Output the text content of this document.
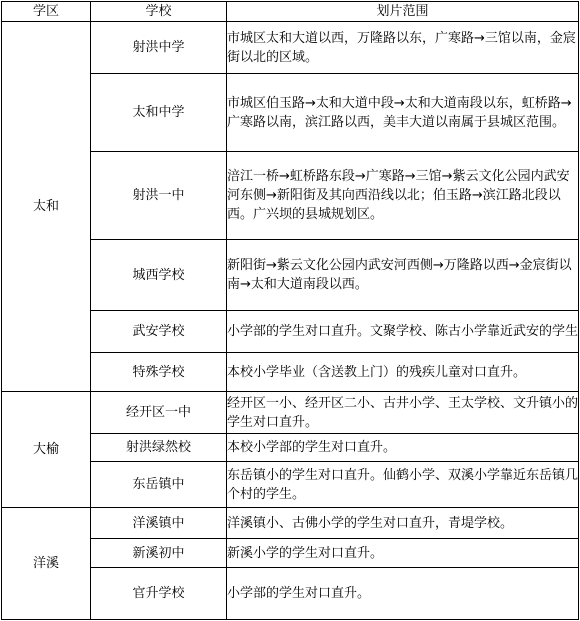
学区	学校	划片范围
太和	射洪中学	市城区太和大道以西，万隆路以东，广寒路→三馆以南，金宸街以北的区域。
	太和中学	市城区伯玉路→太和大道中段→太和大道南段以东，虹桥路→广寒路以南，滨江路以西，美丰大道以南属于县城区范围。
	射洪一中	涪江一桥→虹桥路东段→广寒路→三馆→紫云文化公园内武安河东侧→新阳街及其向西沿线以北；伯玉路→滨江路北段以西。广兴坝的县城规划区。
	城西学校	新阳街→紫云文化公园内武安河西侧→万隆路以西→金宸街以南→太和大道南段以西。
	武安学校	小学部的学生对口直升。文聚学校、陈古小学靠近武安的学生
	特殊学校	本校小学毕业（含送教上门）的残疾儿童对口直升。
大榆	经开区一中	经开区一小、经开区二小、古井小学、王太学校、文升镇小的学生对口直升。
	射洪绿然校	本校小学部的学生对口直升。
	东岳镇中	东岳镇小的学生对口直升。仙鹤小学、双溪小学靠近东岳镇几个村的学生。
洋溪	洋溪镇中	洋溪镇小、古佛小学的学生对口直升，青堤学校。
	新溪初中	新溪小学的学生对口直升。
	官升学校	小学部的学生对口直升。
